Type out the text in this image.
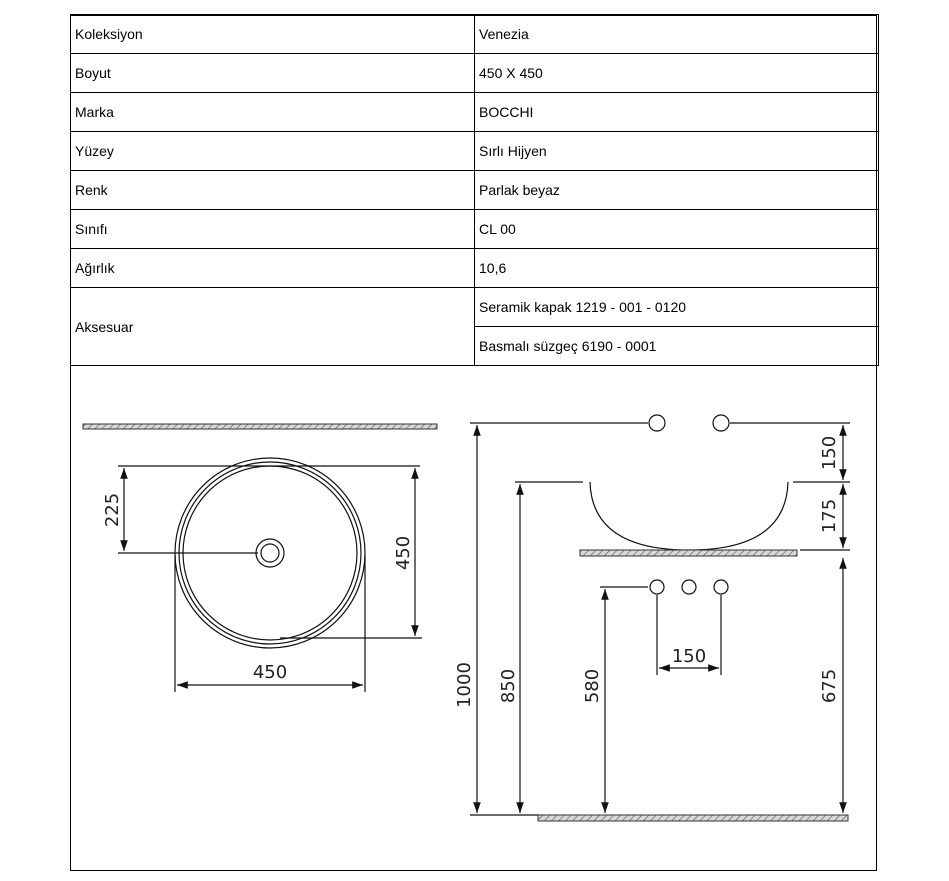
Koleksiyon	Venezia
Boyut	450 X 450
Marka	BOCCHI
Yüzey	Sırlı Hijyen
Renk	Parlak beyaz
Sınıfı	CL 00
Ağırlık	10,6
Aksesuar	Seramik kapak 1219 - 001 - 0120
	Basmalı süzgeç 6190 - 0001
225
450
450
150
175
675
1000 850	580
150
